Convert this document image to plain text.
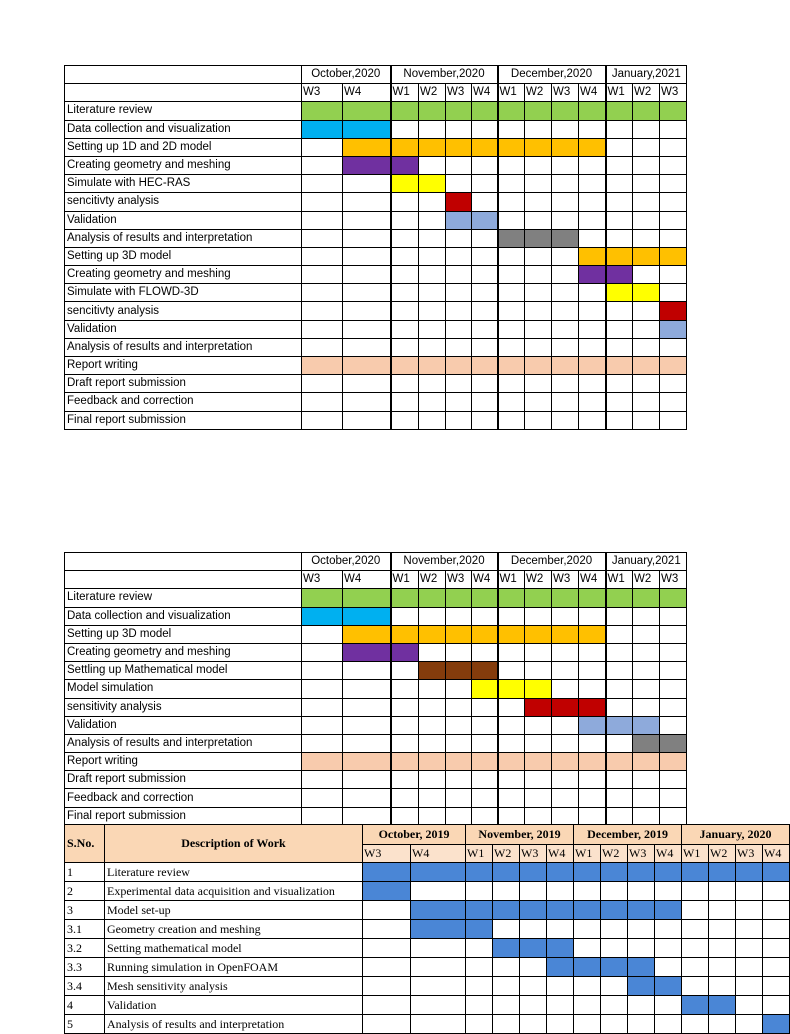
	October,2020		November,2020				December,2020				January,2021		
	W3	W4	W1	W2	W3	W4	W1	W2	W3	W4	W1	W2	W3
Literature review													
Data collection and visualization													
Setting up 1D and 2D model													
Creating geometry and meshing													
Simulate with HEC-RAS													
sencitivty analysis													
Validation													
Analysis of results and interpretation													
Setting up 3D model													
Creating geometry and meshing													
Simulate with FLOWD-3D													
sencitivty analysis													
Validation													
Analysis of results and interpretation													
Report writing													
Draft report submission													
Feedback and correction													
Final report submission													
	October,2020		November,2020				December,2020				January,2021		
	W3	W4	W1	W2	W3	W4	W1	W2	W3	W4	W1	W2	W3
Literature review													
Data collection and visualization													
Setting up 3D model													
Creating geometry and meshing													
Settling up Mathematical model													
Model simulation													
sensitivity analysis													
Validation													
Analysis of results and interpretation													
Report writing													
Draft report submission													
Feedback and correction													
Final report submission													
S.No.	Description of Work	October, 2019		November, 2019				December, 2019				January, 2020			
		W3	W4	W1	W2	W3	W4	W1	W2	W3	W4	W1	W2	W3	W4
1	Literature review														
2	Experimental data acquisition and visualization														
3	Model set-up														
3.1	Geometry creation and meshing														
3.2	Setting mathematical model														
3.3	Running simulation in OpenFOAM														
3.4	Mesh sensitivity analysis														
4	Validation														
5	Analysis of results and interpretation														
